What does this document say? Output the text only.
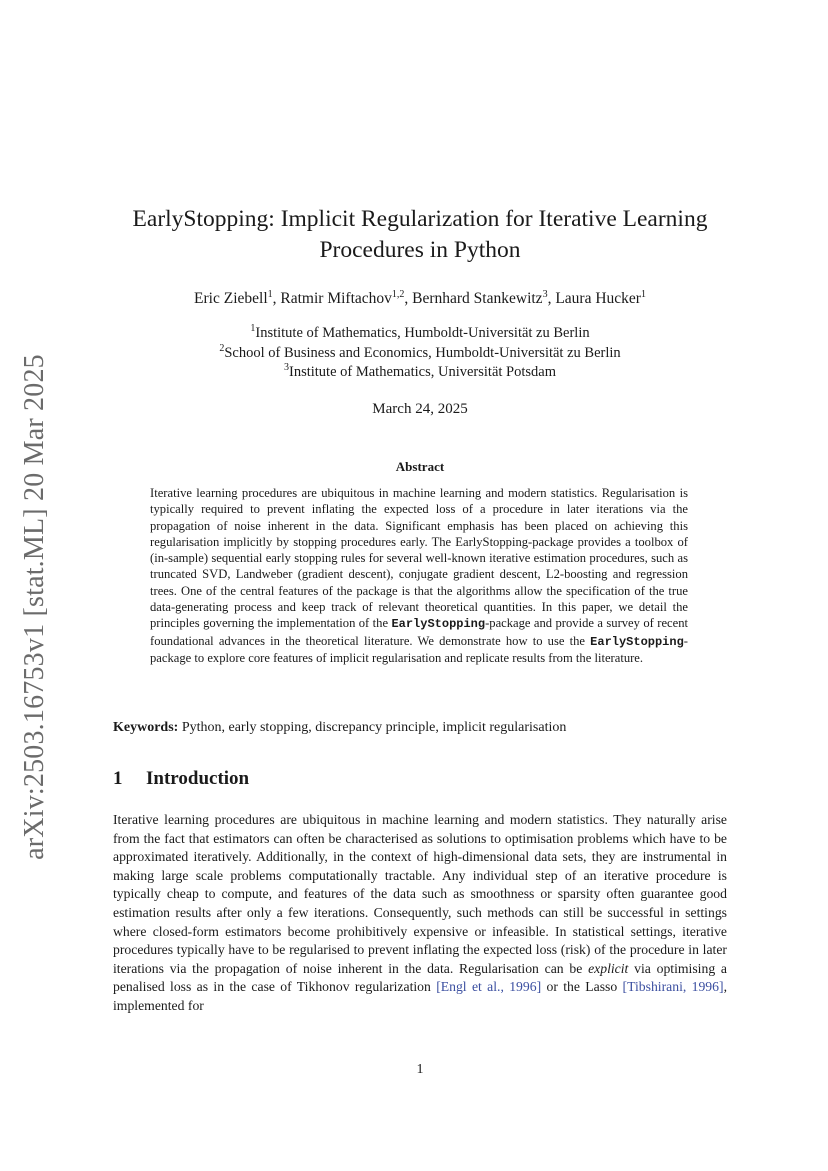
arXiv:2503.16753v1 [stat.ML] 20 Mar 2025
EarlyStopping: Implicit Regularization for Iterative Learning
Procedures in Python
Eric Ziebell$^1$, Ratmir Miftachov$^{1,2}$, Bernhard Stankewitz$^3$, Laura Hucker$^1$
$^1$Institute of Mathematics, Humboldt-Universität zu Berlin
$^2$School of Business and Economics, Humboldt-Universität zu Berlin
$^3$Institute of Mathematics, Universität Potsdam
March 24, 2025
Abstract

Iterative learning procedures are ubiquitous in machine learning and modern statistics. Regularisation is typically required to prevent inflating the expected loss of a procedure in later iterations via the propagation of noise inherent in the data. Significant emphasis has been placed on achieving this regularisation implicitly by stopping procedures early. The EarlyStopping-package provides a toolbox of (in-sample) sequential early stopping rules for several well-known iterative estimation procedures, such as truncated SVD, Landweber (gradient descent), conjugate gradient descent, L2-boosting and regression trees. One of the central features of the package is that the algorithms allow the specification of the true data-generating process and keep track of relevant theoretical quantities. In this paper, we detail the principles governing the implementation of the EarlyStopping-package and provide a survey of recent foundational advances in the theoretical literature. We demonstrate how to use the EarlyStopping-package to explore core features of implicit regularisation and replicate results from the literature.

Keywords: Python, early stopping, discrepancy principle, implicit regularisation
1 Introduction

Iterative learning procedures are ubiquitous in machine learning and modern statistics. They naturally arise from the fact that estimators can often be characterised as solutions to optimisation problems which have to be approximated iteratively. Additionally, in the context of high-dimensional data sets, they are instrumental in making large scale problems computationally tractable. Any individual step of an iterative procedure is typically cheap to compute, and features of the data such as smoothness or sparsity often guarantee good estimation results after only a few iterations. Consequently, such methods can still be successful in settings where closed-form estimators become prohibitively expensive or infeasible. In statistical settings, iterative procedures typically have to be regularised to prevent inflating the expected loss (risk) of the procedure in later iterations via the propagation of noise inherent in the data. Regularisation can be explicit via optimising a penalised loss as in the case of Tikhonov regularization [Engl et al., 1996] or the Lasso [Tibshirani, 1996], implemented for

1
